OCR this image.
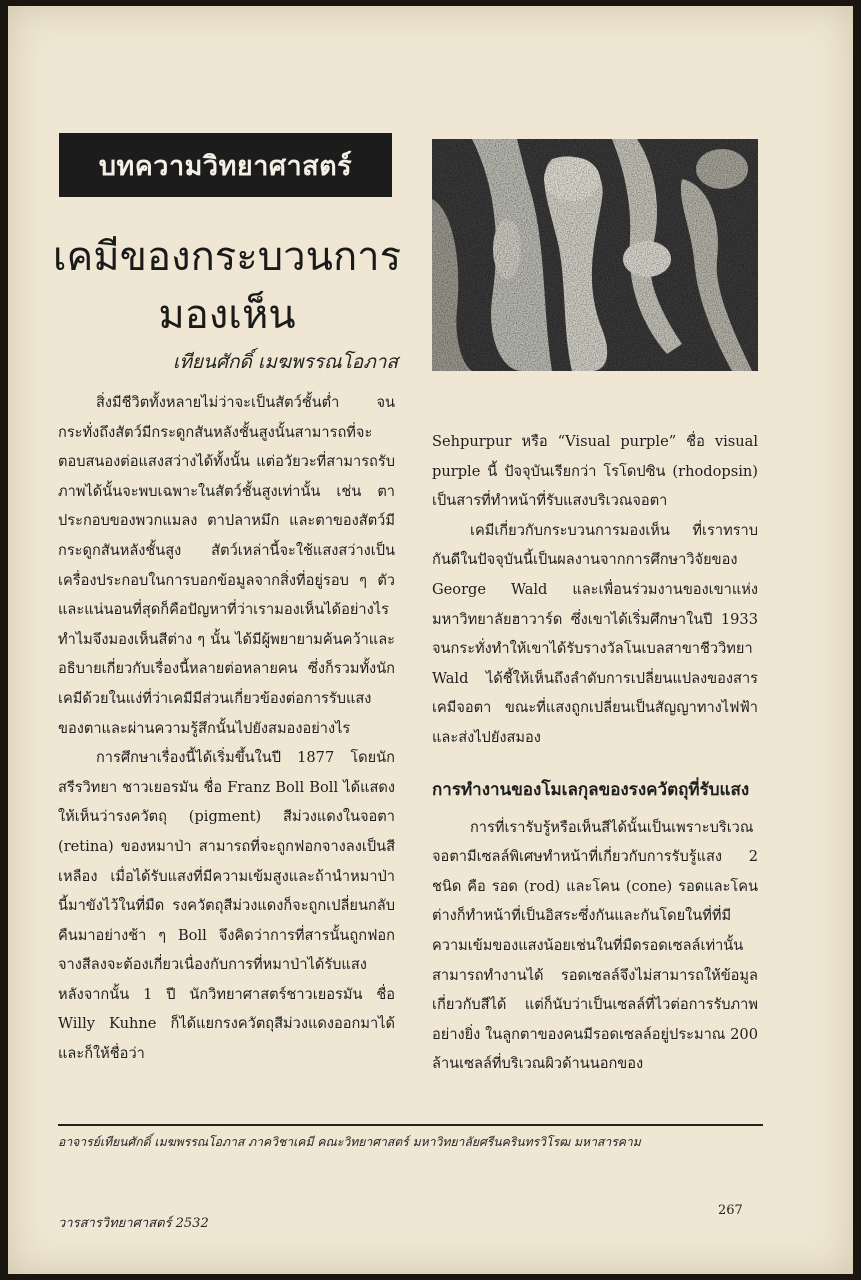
บทความวิทยาศาสตร์
เคมีของกระบวนการ
มองเห็น
เทียนศักดิ์ เมฆพรรณโอภาส

สิ่งมีชีวิตทั้งหลายไม่ว่าจะเป็นสัตว์ชั้นต่ำ จนกระทั่งถึงสัตว์มีกระดูกสันหลังชั้นสูงนั้นสามารถที่จะตอบสนองต่อแสงสว่างได้ทั้งนั้น แต่อวัยวะที่สามารถรับภาพได้นั้นจะพบเฉพาะในสัตว์ชั้นสูงเท่านั้น เช่น ตาประกอบของพวกแมลง ตาปลาหมึก และตาของสัตว์มีกระดูกสันหลังชั้นสูง สัตว์เหล่านี้จะใช้แสงสว่างเป็นเครื่องประกอบในการบอกข้อมูลจากสิ่งที่อยู่รอบ ๆ ตัว และแน่นอนที่สุดก็คือปัญหาที่ว่าเรามองเห็นได้อย่างไร ทำไมจึงมองเห็นสีต่าง ๆ นั้น ได้มีผู้พยายามค้นคว้าและอธิบายเกี่ยวกับเรื่องนี้หลายต่อหลายคน ซึ่งก็รวมทั้งนักเคมีด้วยในแง่ที่ว่าเคมีมีส่วนเกี่ยวข้องต่อการรับแสงของตาและผ่านความรู้สึกนั้นไปยังสมองอย่างไร

การศึกษาเรื่องนี้ได้เริ่มขึ้นในปี 1877 โดยนักสรีรวิทยา ชาวเยอรมัน ชื่อ Franz Boll Boll ได้แสดงให้เห็นว่ารงควัตถุ (pigment) สีม่วงแดงในจอตา (retina) ของหมาป่า สามารถที่จะถูกฟอกจางลงเป็นสีเหลือง เมื่อได้รับแสงที่มีความเข้มสูงและถ้านำหมาป่านี้มาขังไว้ในที่มืด รงควัตถุสีม่วงแดงก็จะถูกเปลี่ยนกลับคืนมาอย่างช้า ๆ Boll จึงคิดว่าการที่สารนั้นถูกฟอกจางสีลงจะต้องเกี่ยวเนื่องกับการที่หมาป่าได้รับแสง หลังจากนั้น 1 ปี นักวิทยาศาสตร์ชาวเยอรมัน ชื่อ Willy Kuhne ก็ได้แยกรงควัตถุสีม่วงแดงออกมาได้ และก็ให้ชื่อว่า

Sehpurpur หรือ “Visual purple” ชื่อ visual purple นี้ ปัจจุบันเรียกว่า โรโดปซิน (rhodopsin) เป็นสารที่ทำหน้าที่รับแสงบริเวณจอตา

เคมีเกี่ยวกับกระบวนการมองเห็น ที่เราทราบกันดีในปัจจุบันนี้เป็นผลงานจากการศึกษาวิจัยของ George Wald และเพื่อนร่วมงานของเขาแห่งมหาวิทยาลัยฮาวาร์ด ซึ่งเขาได้เริ่มศึกษาในปี 1933 จนกระทั่งทำให้เขาได้รับรางวัลโนเบลสาขาชีววิทยา Wald ได้ชี้ให้เห็นถึงลำดับการเปลี่ยนแปลงของสารเคมีจอตา ขณะที่แสงถูกเปลี่ยนเป็นสัญญาทางไฟฟ้าและส่งไปยังสมอง

การทำงานของโมเลกุลของรงควัตถุที่รับแสง

การที่เรารับรู้หรือเห็นสีได้นั้นเป็นเพราะบริเวณจอตามีเซลล์พิเศษทำหน้าที่เกี่ยวกับการรับรู้แสง 2 ชนิด คือ รอด (rod) และโคน (cone) รอดและโคนต่างก็ทำหน้าที่เป็นอิสระซึ่งกันและกันโดยในที่ที่มีความเข้มของแสงน้อยเช่นในที่มืดรอดเซลล์เท่านั้นสามารถทำงานได้ รอดเซลล์จึงไม่สามารถให้ข้อมูลเกี่ยวกับสีได้ แต่ก็นับว่าเป็นเซลล์ที่ไวต่อการรับภาพอย่างยิ่ง ในลูกตาของคนมีรอดเซลล์อยู่ประมาณ 200 ล้านเซลล์ที่บริเวณผิวด้านนอกของ

อาจารย์เทียนศักดิ์ เมฆพรรณโอภาส ภาควิชาเคมี คณะวิทยาศาสตร์ มหาวิทยาลัยศรีนครินทรวิโรฒ มหาสารคาม
วารสารวิทยาศาสตร์ 2532
267
